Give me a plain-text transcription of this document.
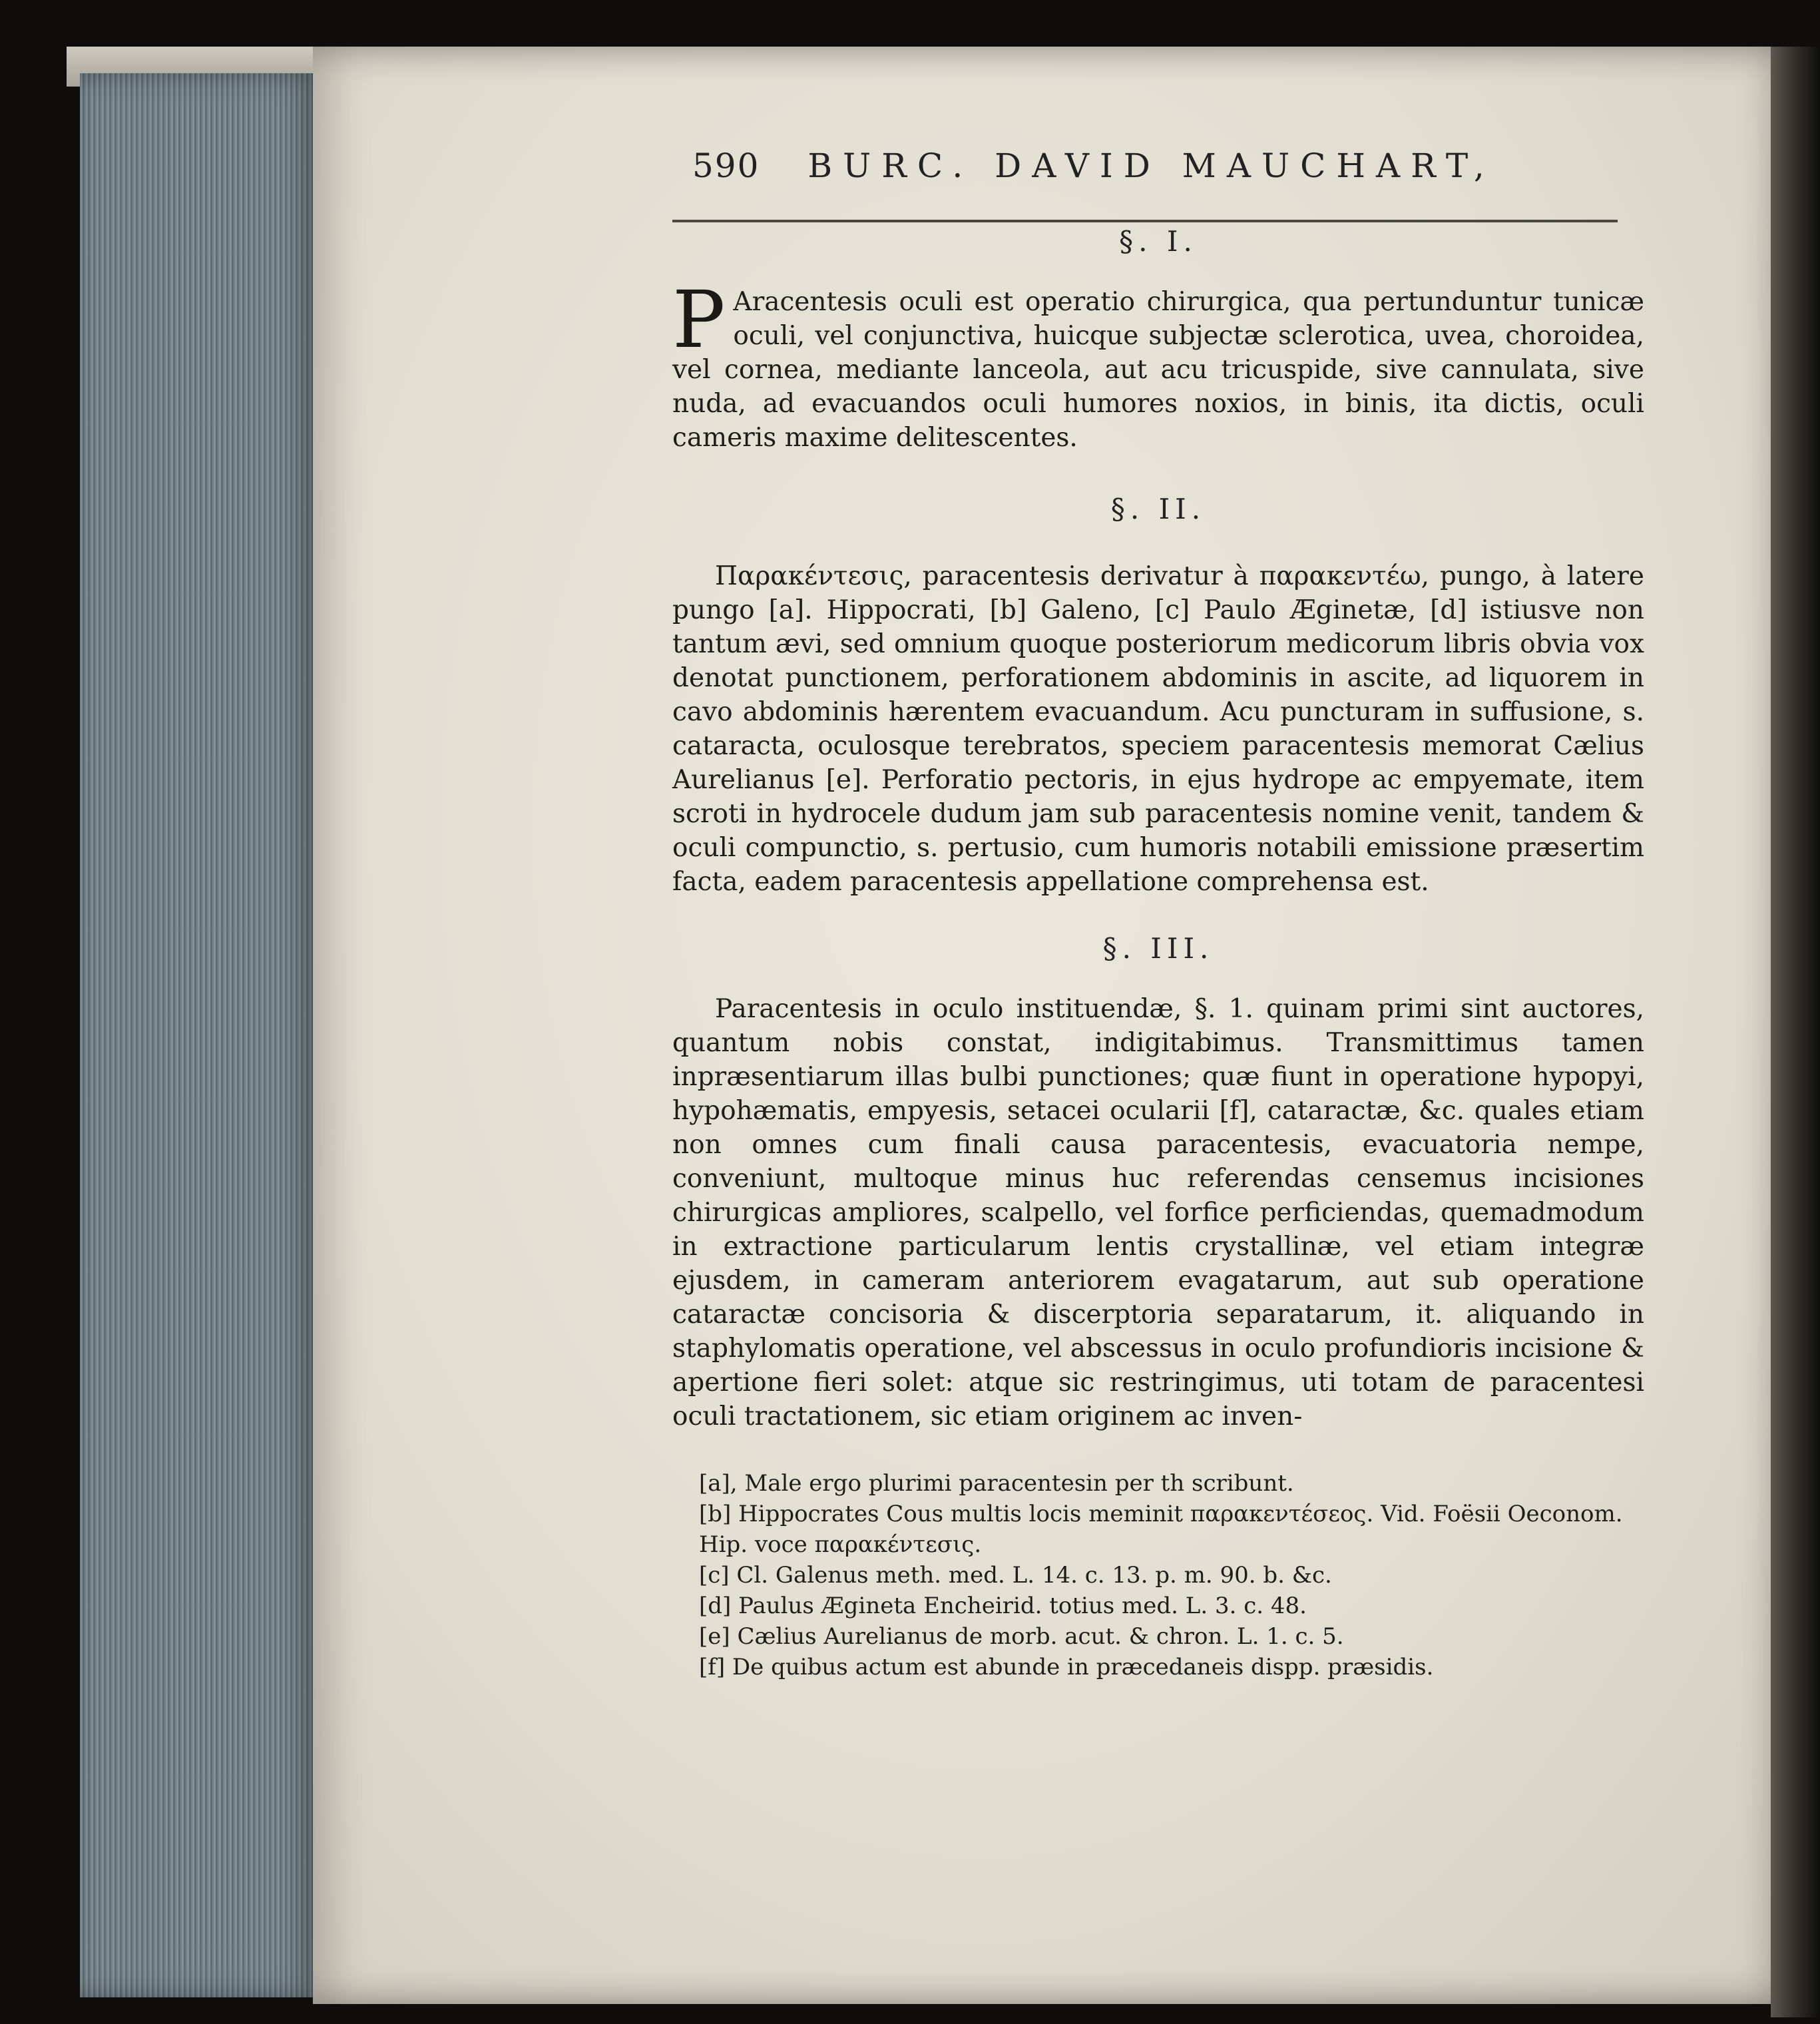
590 BURC. DAVID MAUCHART,
§. I.
P Aracentesis oculi est operatio chirurgica, qua pertunduntur tunicæ oculi, vel conjunctiva, huicque subjectæ sclerotica, uvea, choroidea, vel cornea, mediante lanceola, aut acu tricuspide, sive cannulata, sive nuda, ad evacuandos oculi humores noxios, in binis, ita dictis, oculi cameris maxime delitescentes.

§. II.

Παρακέντεσις, paracentesis derivatur à παρακεντέω, pungo, à latere pungo [a]. Hippocrati, [b] Galeno, [c] Paulo Æginetæ, [d] istiusve non tantum ævi, sed omnium quoque posteriorum medicorum libris obvia vox denotat punctionem, perforationem abdominis in ascite, ad liquorem in cavo abdominis hærentem evacuandum. Acu puncturam in suffusione, s. cataracta, oculosque terebratos, speciem paracentesis memorat Cælius Aurelianus [e]. Perforatio pectoris, in ejus hydrope ac empyemate, item scroti in hydrocele dudum jam sub paracentesis nomine venit, tandem & oculi compunctio, s. pertusio, cum humoris notabili emissione præsertim facta, eadem paracentesis appellatione comprehensa est.

§. III.

Paracentesis in oculo instituendæ, §. 1. quinam primi sint auctores, quantum nobis constat, indigitabimus. Transmittimus tamen inpræsentiarum illas bulbi punctiones; quæ fiunt in operatione hypopyi, hypohæmatis, empyesis, setacei ocularii [f], cataractæ, &c. quales etiam non omnes cum finali causa paracentesis, evacuatoria nempe, conveniunt, multoque minus huc referendas censemus incisiones chirurgicas ampliores, scalpello, vel forfice perficiendas, quemadmodum in extractione particularum lentis crystallinæ, vel etiam integræ ejusdem, in cameram anteriorem evagatarum, aut sub operatione cataractæ concisoria & discerptoria separatarum, it. aliquando in staphylomatis operatione, vel abscessus in oculo profundioris incisione & apertione fieri solet: atque sic restringimus, uti totam de paracentesi oculi tractationem, sic etiam originem ac inven-

[a], Male ergo plurimi paracentesin per th scribunt.

[b] Hippocrates Cous multis locis meminit παρακεντέσεος. Vid. Foësii Oeconom. Hip. voce παρακέντεσις.

[c] Cl. Galenus meth. med. L. 14. c. 13. p. m. 90. b. &c.

[d] Paulus Ægineta Encheirid. totius med. L. 3. c. 48.

[e] Cælius Aurelianus de morb. acut. & chron. L. 1. c. 5.

[f] De quibus actum est abunde in præcedaneis dispp. præsidis.
